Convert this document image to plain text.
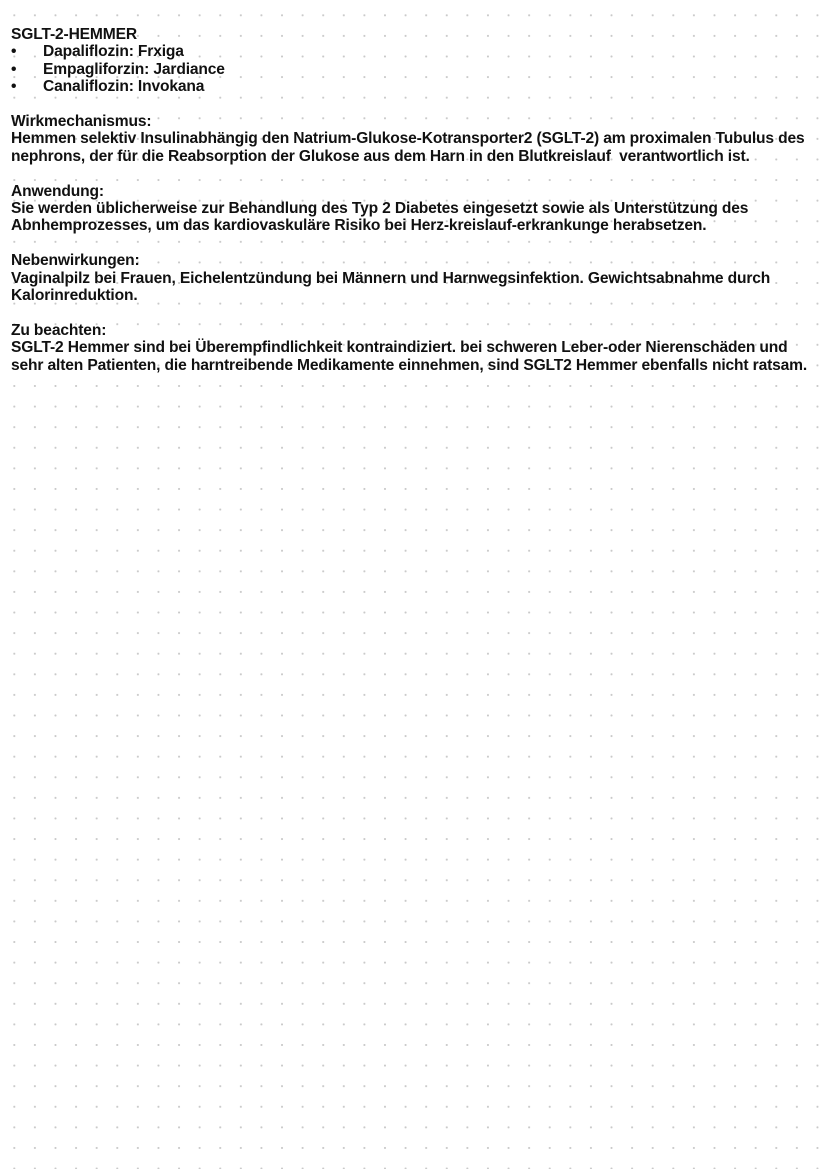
SGLT-2-HEMMER

•	Dapaliflozin: Frxiga
•	Empagliforzin: Jardiance
•	Canaliflozin: Invokana

Wirkmechanismus:

Hemmen selektiv Insulinabhängig den Natrium-Glukose-Kotransporter2 (SGLT-2) am proximalen Tubulus des nephrons, der für die Reabsorption der Glukose aus dem Harn in den Blutkreislauf  verantwortlich ist.

Anwendung:

Sie werden üblicherweise zur Behandlung des Typ 2 Diabetes eingesetzt sowie als Unterstützung des Abnhemprozesses, um das kardiovaskuläre Risiko bei Herz-kreislauf-erkrankunge herabsetzen.

Nebenwirkungen:

Vaginalpilz bei Frauen, Eichelentzündung bei Männern und Harnwegsinfektion. Gewichtsabnahme durch Kalorinreduktion.

Zu beachten:

SGLT-2 Hemmer sind bei Überempfindlichkeit kontraindiziert. bei schweren Leber-oder Nierenschäden und sehr alten Patienten, die harntreibende Medikamente einnehmen, sind SGLT2 Hemmer ebenfalls nicht ratsam.
